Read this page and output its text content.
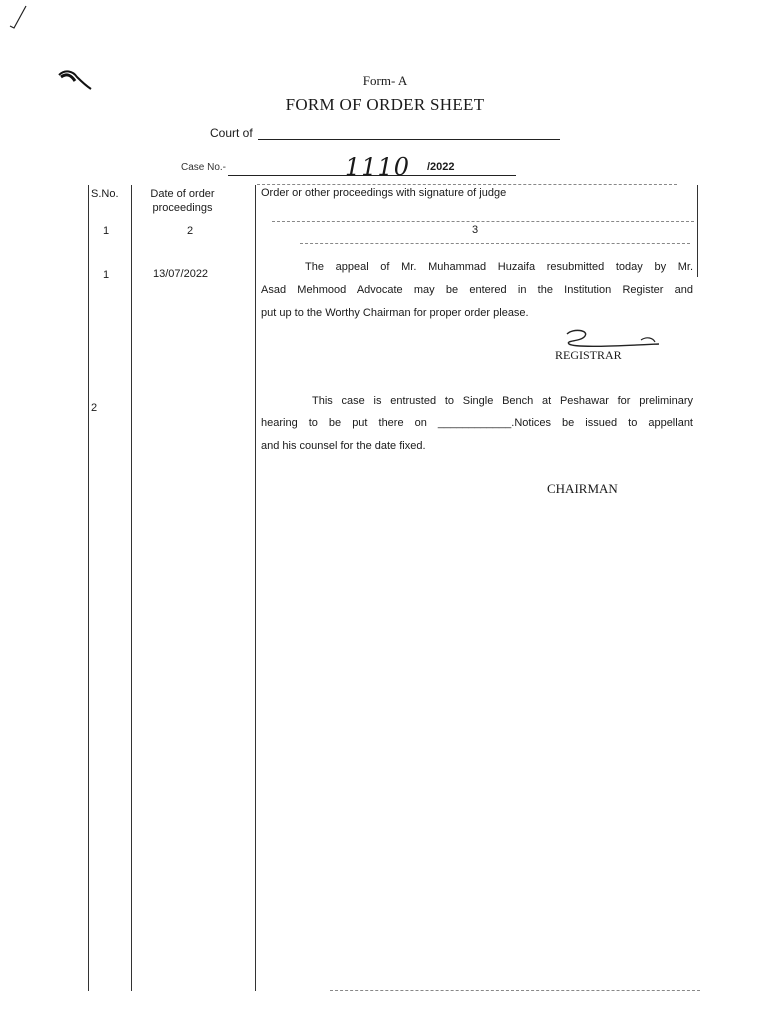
Form- A
FORM OF ORDER SHEET
Court of
Case No.-	1110 /2022
S.No.	Date of order proceedings
Order or other proceedings with signature of judge
1	2	3
1	13/07/2022
The appeal of Mr. Muhammad Huzaifa resubmitted today by Mr.
Asad Mehmood Advocate may be entered in the Institution Register and
put up to the Worthy Chairman for proper order please.
REGISTRAR
2
This case is entrusted to Single Bench at Peshawar for preliminary
hearing to be put there on ____________.Notices be issued to appellant
and his counsel for the date fixed.
CHAIRMAN
